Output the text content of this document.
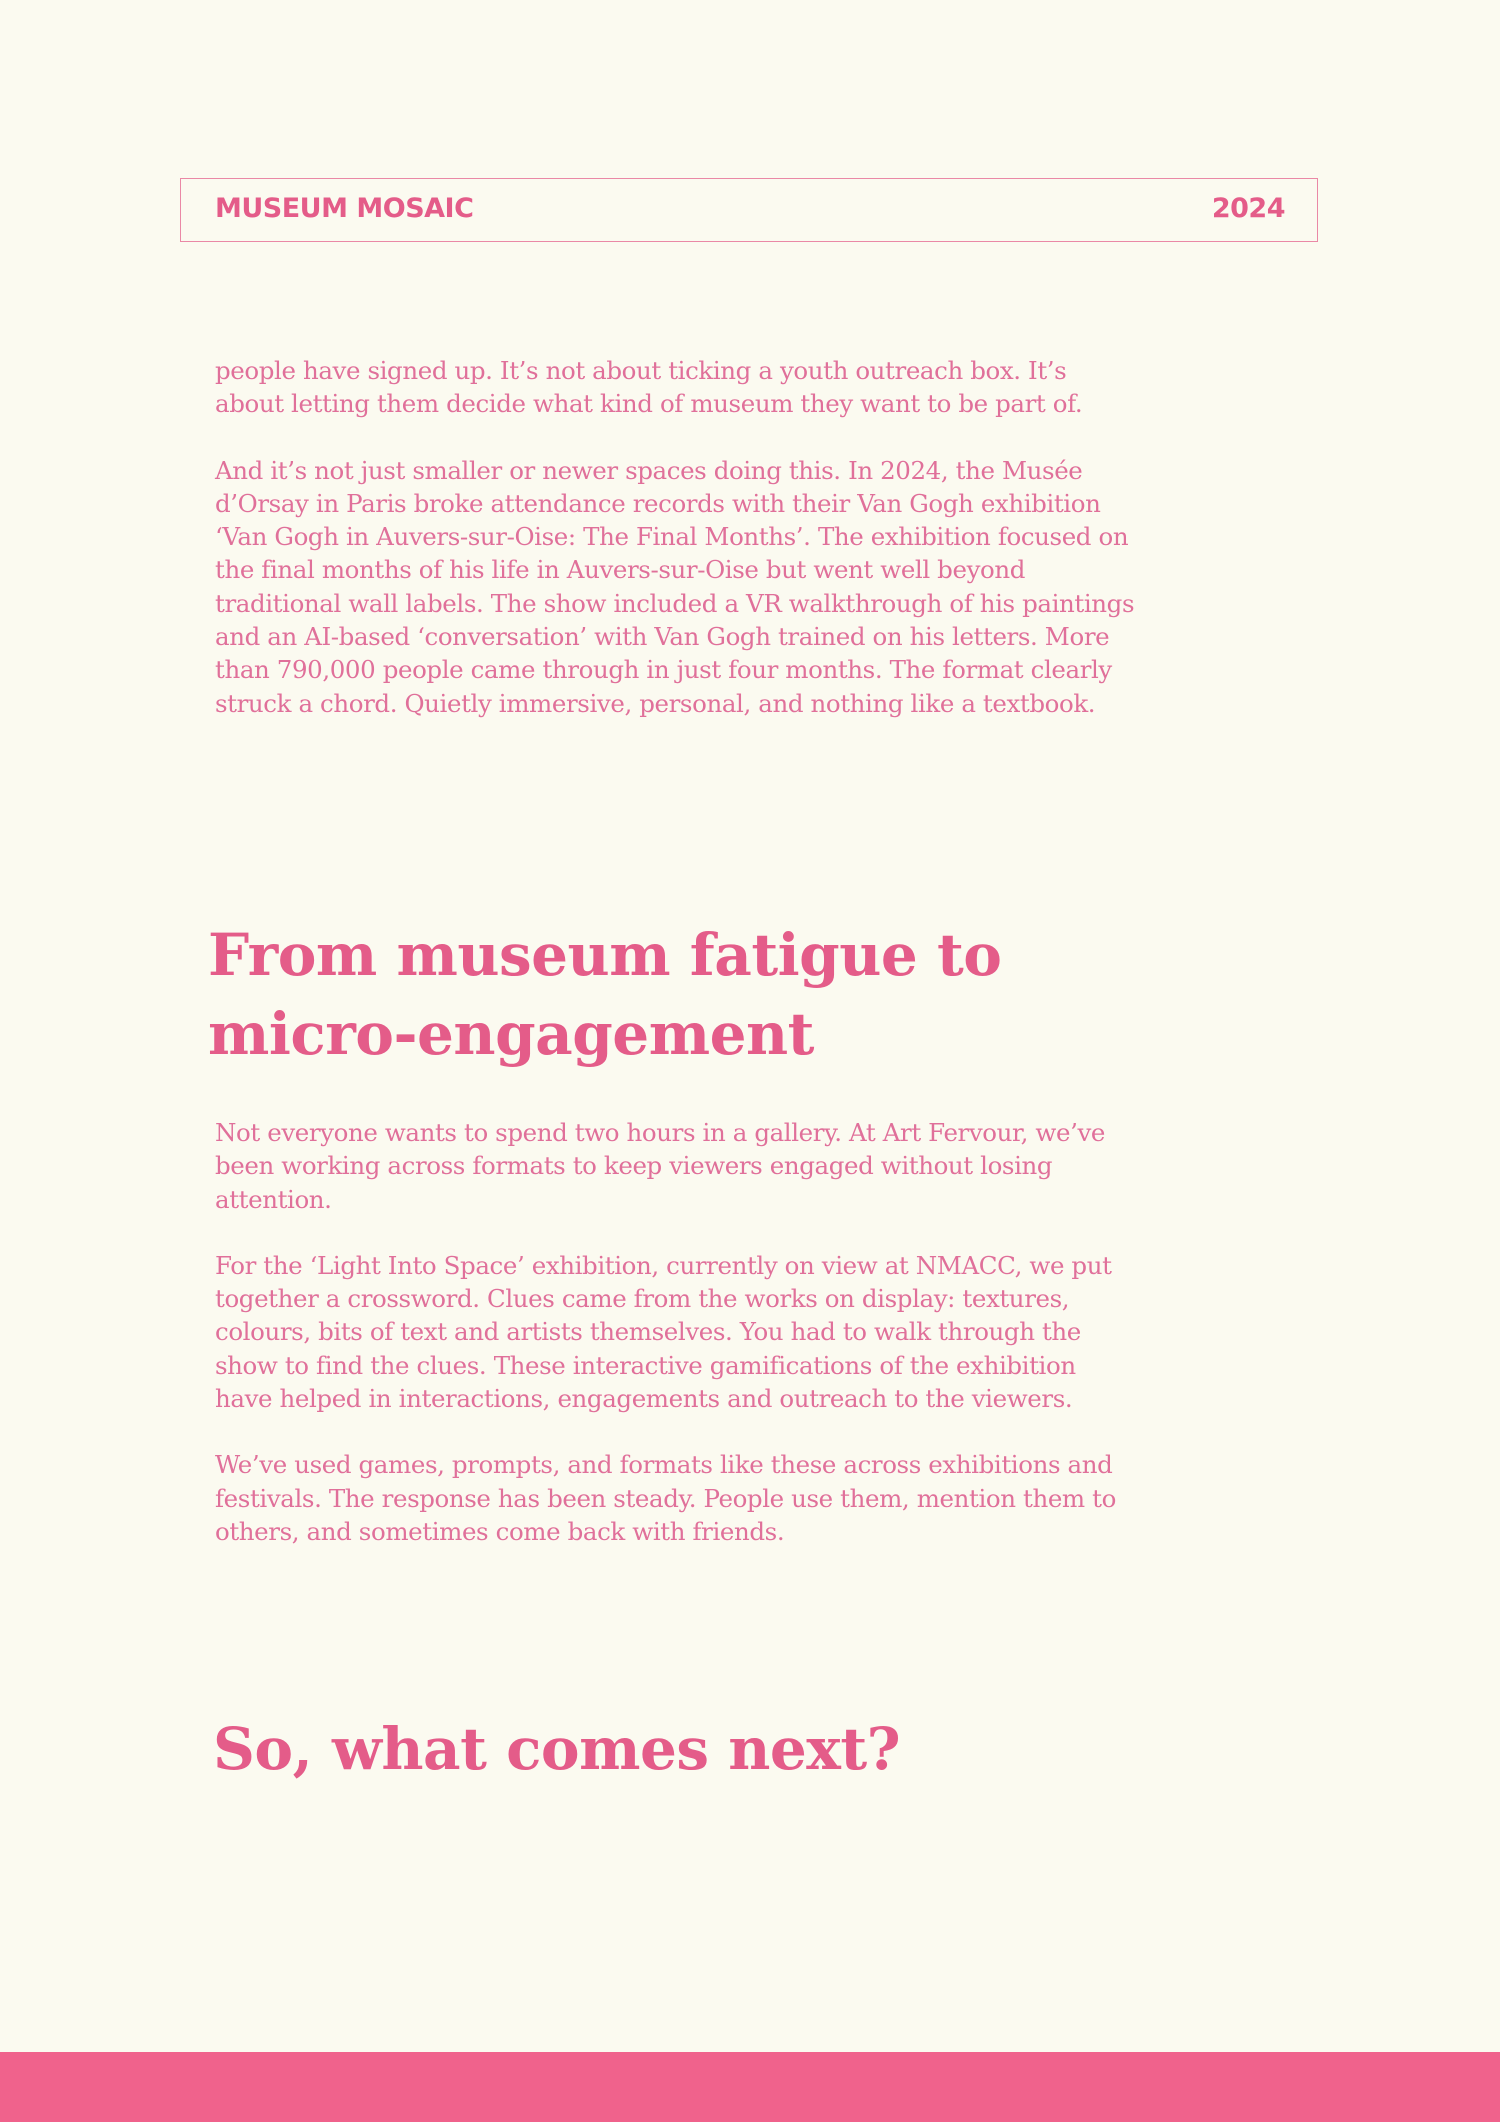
MUSEUM MOSAIC	2024

people have signed up. It’s not about ticking a youth outreach box. It’s about letting them decide what kind of museum they want to be part of.

And it’s not just smaller or newer spaces doing this. In 2024, the Musée d’Orsay in Paris broke attendance records with their Van Gogh exhibition ‘Van Gogh in Auvers-sur-Oise: The Final Months’. The exhibition focused on the final months of his life in Auvers-sur-Oise but went well beyond traditional wall labels. The show included a VR walkthrough of his paintings and an AI-based ‘conversation’ with Van Gogh trained on his letters. More than 790,000 people came through in just four months. The format clearly struck a chord. Quietly immersive, personal, and nothing like a textbook.

From museum fatigue to micro-engagement

Not everyone wants to spend two hours in a gallery. At Art Fervour, we’ve been working across formats to keep viewers engaged without losing attention.

For the ‘Light Into Space’ exhibition, currently on view at NMACC, we put together a crossword. Clues came from the works on display: textures, colours, bits of text and artists themselves. You had to walk through the show to find the clues. These interactive gamifications of the exhibition have helped in interactions, engagements and outreach to the viewers.

We’ve used games, prompts, and formats like these across exhibitions and festivals. The response has been steady. People use them, mention them to others, and sometimes come back with friends.

So, what comes next?
